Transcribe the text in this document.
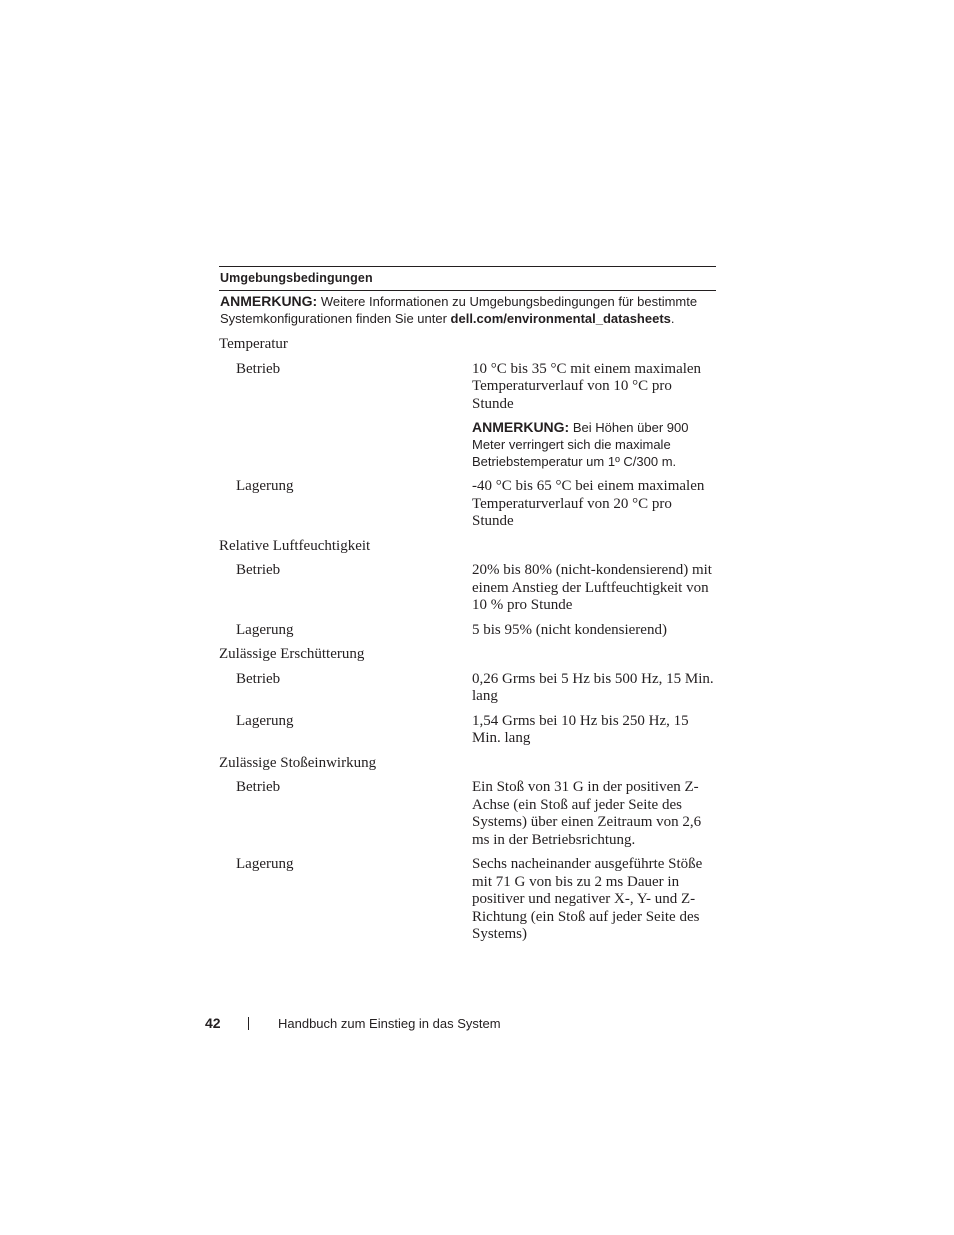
Umgebungsbedingungen
ANMERKUNG: Weitere Informationen zu Umgebungsbedingungen für bestimmte Systemkonfigurationen finden Sie unter dell.com/environmental_datasheets.
Temperatur
Betrieb	10 °C bis 35 °C mit einem maximalen Temperaturverlauf von 10 °C pro Stunde
ANMERKUNG: Bei Höhen über 900 Meter verringert sich die maximale Betriebstemperatur um 1º C/300 m.
Lagerung	-40 °C bis 65 °C bei einem maximalen Temperaturverlauf von 20 °C pro Stunde
Relative Luftfeuchtigkeit
Betrieb	20% bis 80% (nicht-kondensierend) mit einem Anstieg der Luftfeuchtigkeit von 10 % pro Stunde
Lagerung	5 bis 95% (nicht kondensierend)
Zulässige Erschütterung
Betrieb	0,26 Grms bei 5 Hz bis 500 Hz, 15 Min. lang
Lagerung	1,54 Grms bei 10 Hz bis 250 Hz, 15 Min. lang
Zulässige Stoßeinwirkung
Betrieb	Ein Stoß von 31 G in der positiven Z-Achse (ein Stoß auf jeder Seite des Systems) über einen Zeitraum von 2,6 ms in der Betriebsrichtung.
Lagerung	Sechs nacheinander ausgeführte Stöße mit 71 G von bis zu 2 ms Dauer in positiver und negativer X-, Y- und Z-Richtung (ein Stoß auf jeder Seite des Systems)
42	Handbuch zum Einstieg in das System
